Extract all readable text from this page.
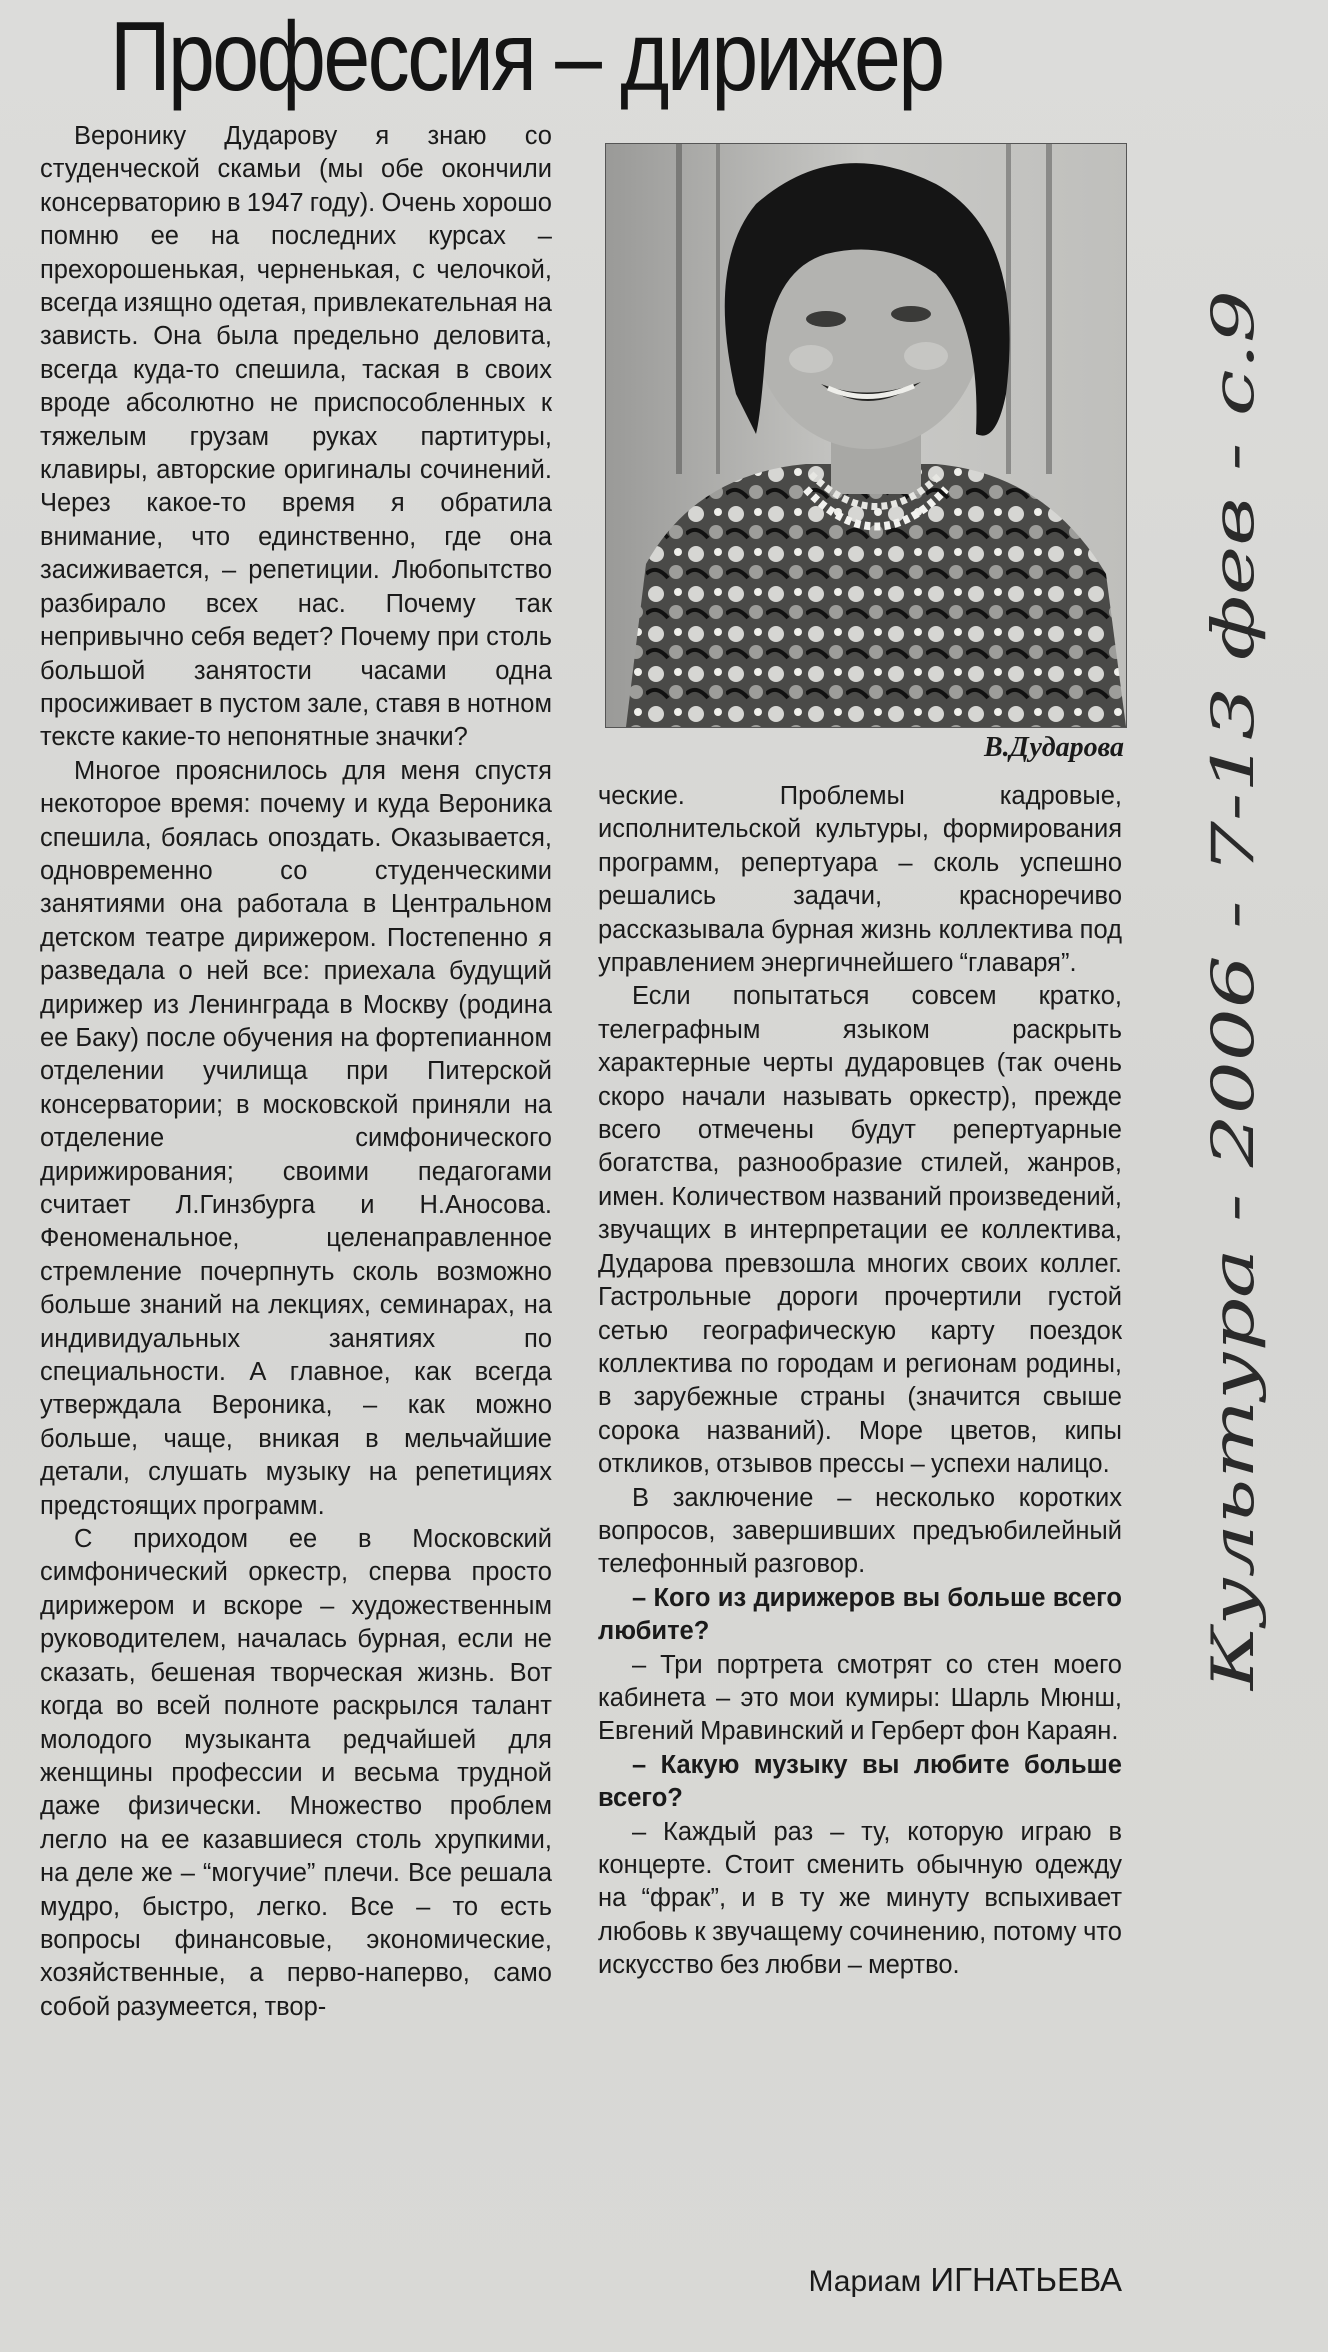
Профессия – дирижер

Веронику Дударову я знаю со студенческой скамьи (мы обе окончили консерваторию в 1947 году). Очень хорошо помню ее на последних курсах – прехорошенькая, черненькая, с челочкой, всегда изящно одетая, привлекательная на зависть. Она была предельно деловита, всегда куда-то спешила, таская в своих вроде абсолютно не приспособленных к тяжелым грузам руках партитуры, клавиры, авторские оригиналы сочинений. Через какое-то время я обратила внимание, что единственно, где она засиживается, – репетиции. Любопытство разбирало всех нас. Почему так непривычно себя ведет? Почему при столь большой занятости часами одна просиживает в пустом зале, ставя в нотном тексте какие-то непонятные значки?

Многое прояснилось для меня спустя некоторое время: почему и куда Вероника спешила, боялась опоздать. Оказывается, одновременно со студенческими занятиями она работала в Центральном детском театре дирижером. Постепенно я разведала о ней все: приехала будущий дирижер из Ленинграда в Москву (родина ее Баку) после обучения на фортепианном отделении училища при Питерской консерватории; в московской приняли на отделение симфонического дирижирования; своими педагогами считает Л.Гинзбурга и Н.Аносова. Феноменальное, целенаправленное стремление почерпнуть сколь возможно больше знаний на лекциях, семинарах, на индивидуальных занятиях по специальности. А главное, как всегда утверждала Вероника, – как можно больше, чаще, вникая в мельчайшие детали, слушать музыку на репетициях предстоящих программ.

С приходом ее в Московский симфонический оркестр, сперва просто дирижером и вскоре – художественным руководителем, началась бурная, если не сказать, бешеная творческая жизнь. Вот когда во всей полноте раскрылся талант молодого музыканта редчайшей для женщины профессии и весьма трудной даже физически. Множество проблем легло на ее казавшиеся столь хрупкими, на деле же – “могучие” плечи. Все решала мудро, быстро, легко. Все – то есть вопросы финансовые, экономические, хозяйственные, а перво-наперво, само собой разумеется, твор-

В.Дударова

ческие. Проблемы кадровые, исполнительской культуры, формирования программ, репертуара – сколь успешно решались задачи, красноречиво рассказывала бурная жизнь коллектива под управлением энергичнейшего “главаря”.

Если попытаться совсем кратко, телеграфным языком раскрыть характерные черты дударовцев (так очень скоро начали называть оркестр), прежде всего отмечены будут репертуарные богатства, разнообразие стилей, жанров, имен. Количеством названий произведений, звучащих в интерпретации ее коллектива, Дударова превзошла многих своих коллег. Гастрольные дороги прочертили густой сетью географическую карту поездок коллектива по городам и регионам родины, в зарубежные страны (значится свыше сорока названий). Море цветов, кипы откликов, отзывов прессы – успехи налицо.

В заключение – несколько коротких вопросов, завершивших предъюбилейный телефонный разговор.

– Кого из дирижеров вы больше всего любите?

– Три портрета смотрят со стен моего кабинета – это мои кумиры: Шарль Мюнш, Евгений Мравинский и Герберт фон Караян.

– Какую музыку вы любите больше всего?

– Каждый раз – ту, которую играю в концерте. Стоит сменить обычную одежду на “фрак”, и в ту же минуту вспыхивает любовь к звучащему сочинению, потому что искусство без любви – мертво.

Мариам ИГНАТЬЕВА
Культура - 2006 - 7-13 фев - с.9
